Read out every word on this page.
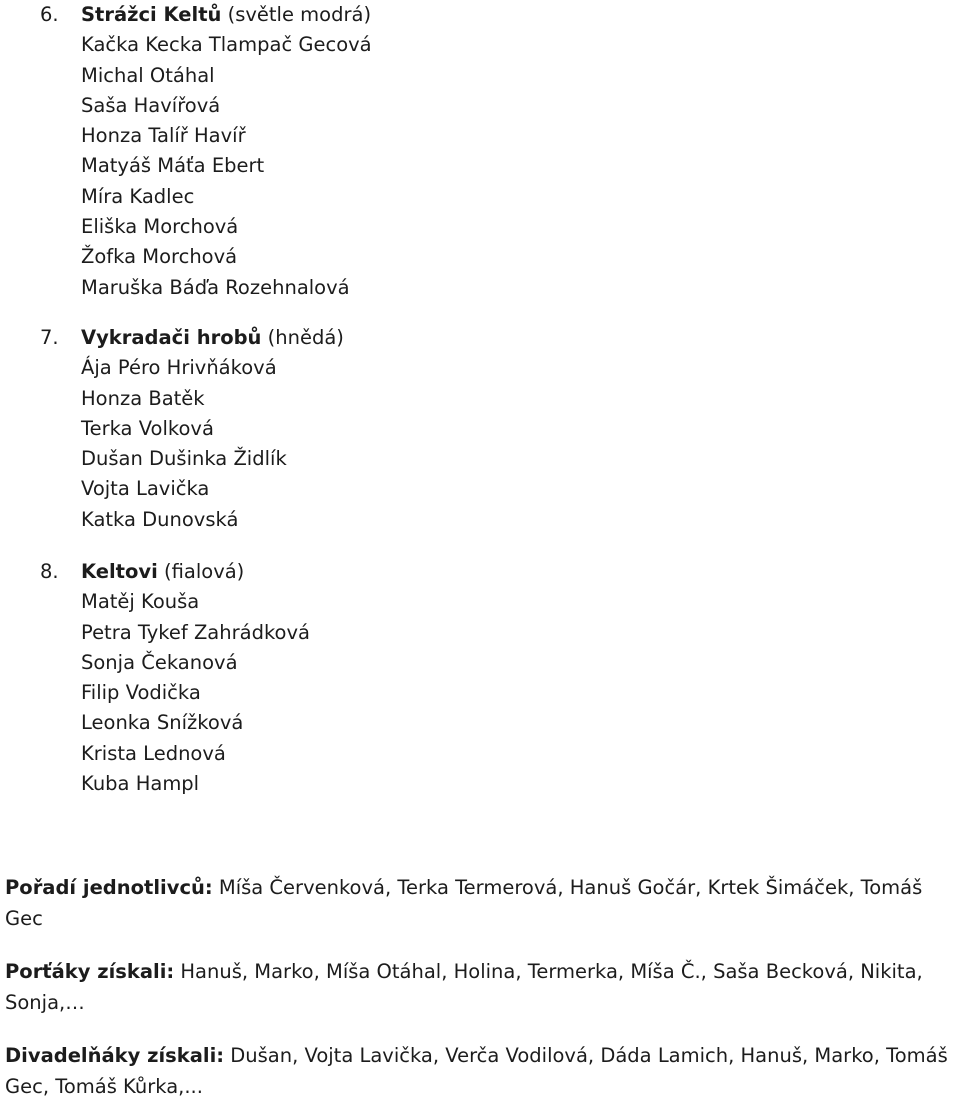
6. Strážci Keltů (světle modrá)
Kačka Kecka Tlampač Gecová
Michal Otáhal
Saša Havířová
Honza Talíř Havíř
Matyáš Máťa Ebert
Míra Kadlec
Eliška Morchová
Žofka Morchová
Maruška Báďa Rozehnalová
7. Vykradači hrobů (hnědá)
Ája Péro Hrivňáková
Honza Batěk
Terka Volková
Dušan Dušinka Židlík
Vojta Lavička
Katka Dunovská
8. Keltovi (fialová)
Matěj Kouša
Petra Tykef Zahrádková
Sonja Čekanová
Filip Vodička
Leonka Snížková
Krista Lednová
Kuba Hampl

Pořadí jednotlivců: Míša Červenková, Terka Termerová, Hanuš Gočár, Krtek Šimáček, Tomáš Gec

Porťáky získali: Hanuš, Marko, Míša Otáhal, Holina, Termerka, Míša Č., Saša Becková, Nikita, Sonja,…

Divadelňáky získali: Dušan, Vojta Lavička, Verča Vodilová, Dáda Lamich, Hanuš, Marko, Tomáš Gec, Tomáš Kůrka,...
